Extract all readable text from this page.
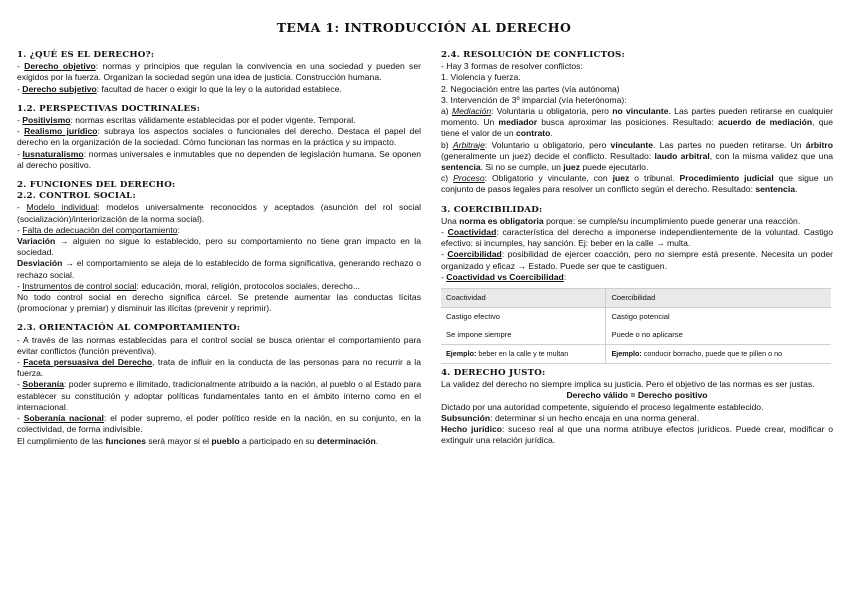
TEMA 1: INTRODUCCIÓN AL DERECHO

1. ¿QUÉ ES EL DERECHO?:

- Derecho objetivo: normas y principios que regulan la convivencia en una sociedad y pueden ser exigidos por la fuerza. Organizan la sociedad según una idea de justicia. Construcción humana.

- Derecho subjetivo: facultad de hacer o exigir lo que la ley o la autoridad establece.

1.2. PERSPECTIVAS DOCTRINALES:

- Positivismo: normas escritas válidamente establecidas por el poder vigente. Temporal.

- Realismo jurídico: subraya los aspectos sociales o funcionales del derecho. Destaca el papel del derecho en la organización de la sociedad. Cómo funcionan las normas en la práctica y su impacto.

- Iusnaturalismo: normas universales e inmutables que no dependen de legislación humana. Se oponen al derecho positivo.

2. FUNCIONES DEL DERECHO:

2.2. CONTROL SOCIAL:

- Modelo individual: modelos universalmente reconocidos y aceptados (asunción del rol social (socialización)/interiorización de la norma social).

- Falta de adecuación del comportamiento:

Variación → alguien no sigue lo establecido, pero su comportamiento no tiene gran impacto en la sociedad.

Desviación → el comportamiento se aleja de lo establecido de forma significativa, generando rechazo o rechazo social.

- Instrumentos de control social: educación, moral, religión, protocolos sociales, derecho...

No todo control social en derecho significa cárcel. Se pretende aumentar las conductas lícitas (promocionar y premiar) y disminuir las ilícitas (prevenir y reprimir).

2.3. ORIENTACIÓN AL COMPORTAMIENTO:

- A través de las normas establecidas para el control social se busca orientar el comportamiento para evitar conflictos (función preventiva).

- Faceta persuasiva del Derecho, trata de influir en la conducta de las personas para no recurrir a la fuerza.

- Soberanía: poder supremo e ilimitado, tradicionalmente atribuido a la nación, al pueblo o al Estado para establecer su constitución y adoptar políticas fundamentales tanto en el ámbito interno como en el internacional.

- Soberanía nacional: el poder supremo, el poder político reside en la nación, en su conjunto, en la colectividad, de forma indivisible.

El cumplimiento de las funciones será mayor si el pueblo a participado en su determinación.

2.4. RESOLUCIÓN DE CONFLICTOS:

- Hay 3 formas de resolver conflictos:

1. Violencia y fuerza.

2. Negociación entre las partes (vía autónoma)

3. Intervención de 3º imparcial (vía heterónoma):

a) Mediación: Voluntaria u obligatoria, pero no vinculante. Las partes pueden retirarse en cualquier momento. Un mediador busca aproximar las posiciones. Resultado: acuerdo de mediación, que tiene el valor de un contrato.

b) Arbitraje: Voluntario u obligatorio, pero vinculante. Las partes no pueden retirarse. Un árbitro (generalmente un juez) decide el conflicto. Resultado: laudo arbitral, con la misma validez que una sentencia. Si no se cumple, un juez puede ejecutarlo.

c) Proceso: Obligatorio y vinculante, con juez o tribunal. Procedimiento judicial que sigue un conjunto de pasos legales para resolver un conflicto según el derecho. Resultado: sentencia.

3. COERCIBILIDAD:

Una norma es obligatoria porque: se cumple/su incumplimiento puede generar una reacción.

- Coactividad: característica del derecho a imponerse independientemente de la voluntad. Castigo efectivo: si incumples, hay sanción. Ej: beber en la calle → multa.

- Coercibilidad: posibilidad de ejercer coacción, pero no siempre está presente. Necesita un poder organizado y eficaz → Estado. Puede ser que te castiguen.

- Coactividad vs Coercibilidad:

Coactividad	Coercibilidad
Castigo efectivo	Castigo potencial
Se impone siempre	Puede o no aplicarse
Ejemplo: beber en la calle y te multan	Ejemplo: conducir borracho, puede que te pillen o no

4. DERECHO JUSTO:

La validez del derecho no siempre implica su justicia. Pero el objetivo de las normas es ser justas.

Derecho válido = Derecho positivo

Dictado por una autoridad competente, siguiendo el proceso legalmente establecido.

Subsunción: determinar si un hecho encaja en una norma general.

Hecho jurídico: suceso real al que una norma atribuye efectos jurídicos. Puede crear, modificar o extinguir una relación jurídica.
